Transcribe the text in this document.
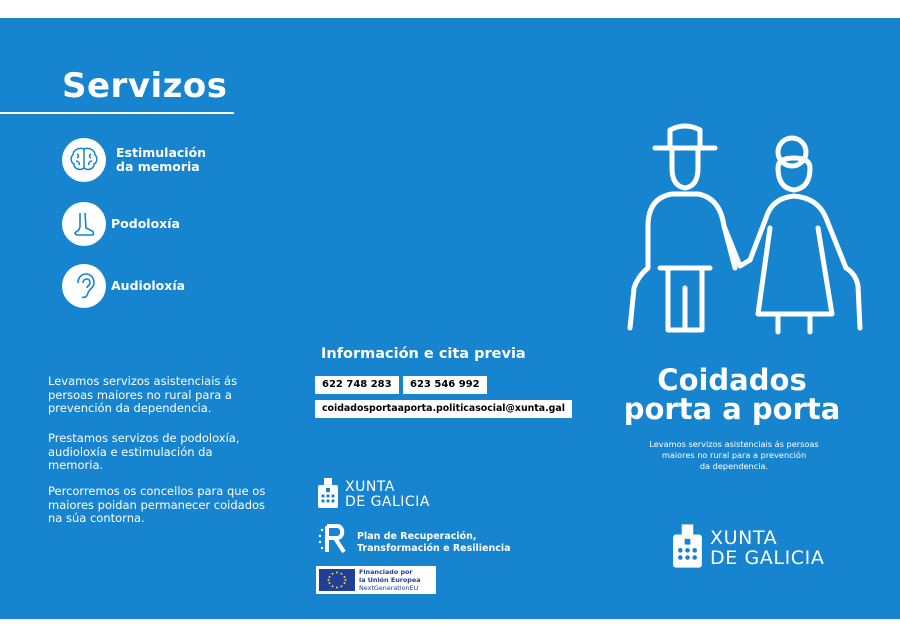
Servizos
Estimulación
da memoria
Podoloxía
Audioloxía
Levamos servizos asistenciais ás persoas maiores no rural para a prevención da dependencia.
Prestamos servizos de podoloxía, audioloxía e estimulación da memoria.
Percorremos os concellos para que os maiores poidan permanecer coidados na súa contorna.
Información e cita previa
622 748 283	623 546 992
coidadosportaaporta.politicasocial@xunta.gal
XUNTA
DE GALICIA
Plan de Recuperación,
Transformación e Resiliencia
Financiado por
la Unión Europea
NextGenerationEU
Coidados
porta a porta
Levamos servizos asistenciais ás persoas
maiores no rural para a prevención
da dependencia.
XUNTA
DE GALICIA
